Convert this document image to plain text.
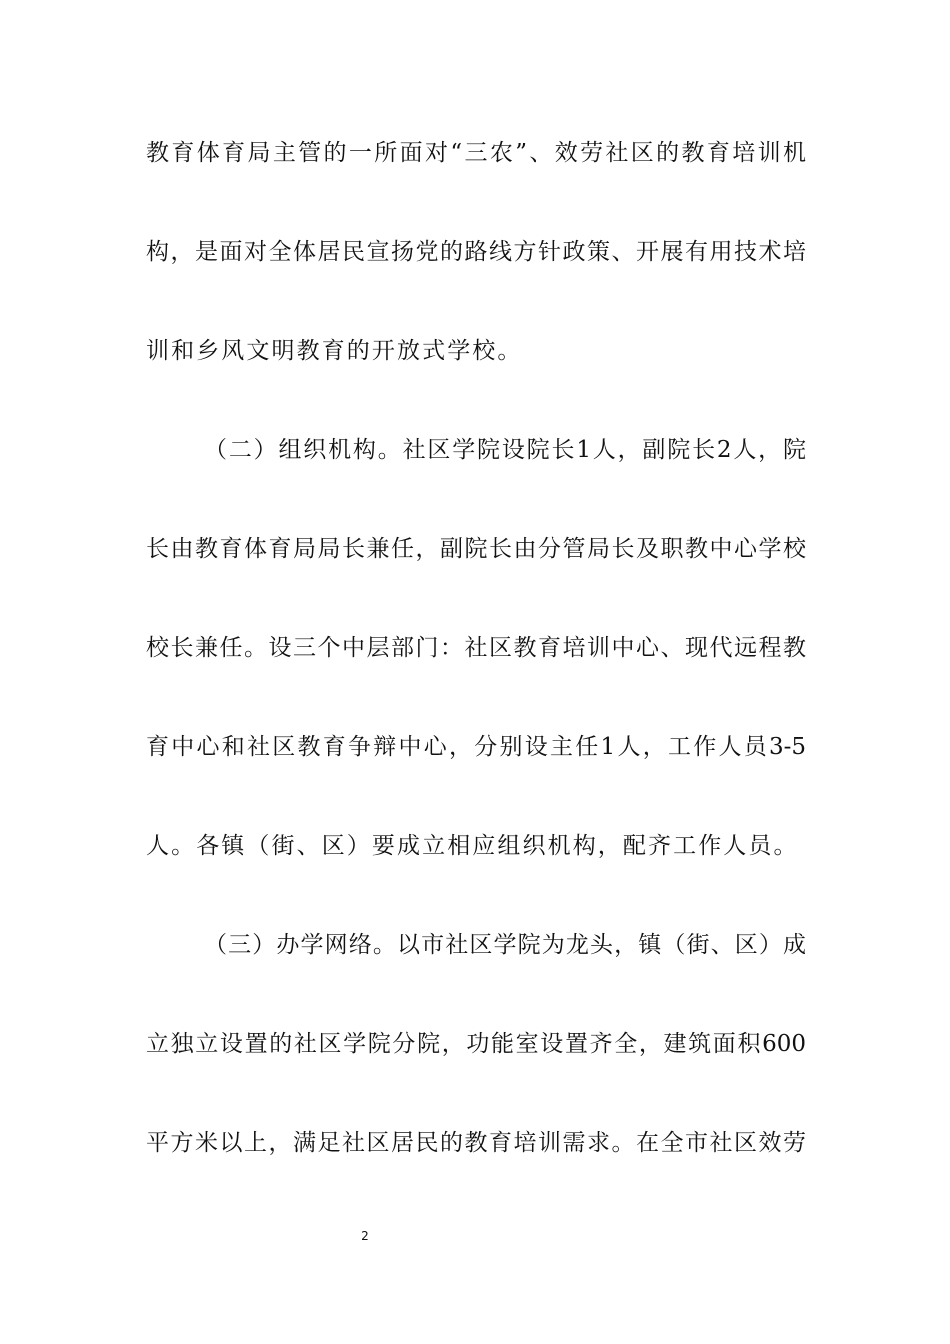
教育体育局主管的一所面对“三农”、效劳社区的教育培训机
构，是面对全体居民宣扬党的路线方针政策、开展有用技术培
训和乡风文明教育的开放式学校。
（二）组织机构。社区学院设院长1人，副院长2人，院
长由教育体育局局长兼任，副院长由分管局长及职教中心学校
校长兼任。设三个中层部门：社区教育培训中心、现代远程教
育中心和社区教育争辩中心，分别设主任1人，工作人员3-5
人。各镇（街、区）要成立相应组织机构，配齐工作人员。
（三）办学网络。以市社区学院为龙头，镇（街、区）成
立独立设置的社区学院分院，功能室设置齐全，建筑面积600
平方米以上，满足社区居民的教育培训需求。在全市社区效劳
2
